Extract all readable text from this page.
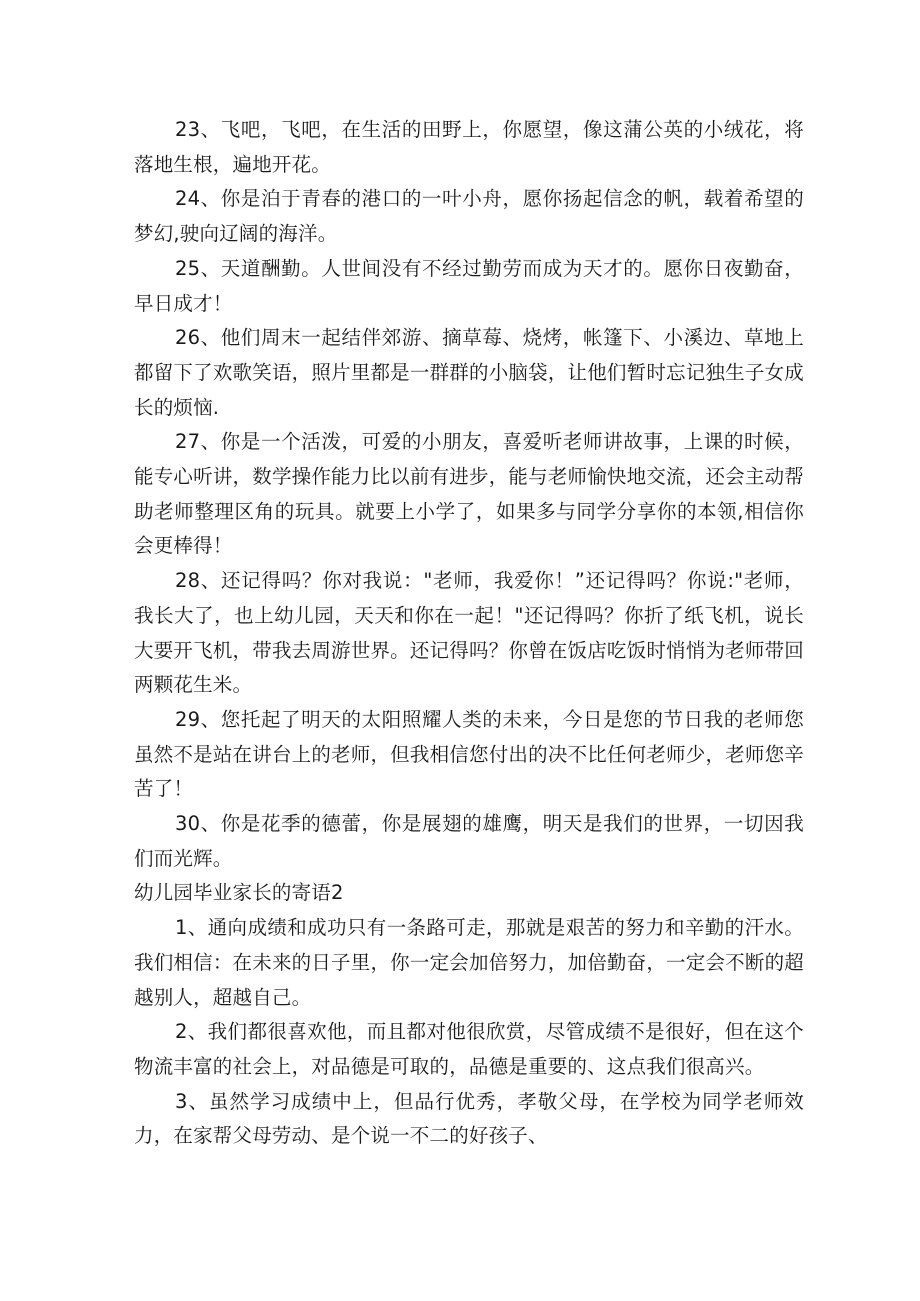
23、飞吧，飞吧，在生活的田野上，你愿望，像这蒲公英的小绒花，将落地生根，遍地开花。

24、你是泊于青春的港口的一叶小舟，愿你扬起信念的帆，载着希望的梦幻,驶向辽阔的海洋。

25、天道酬勤。人世间没有不经过勤劳而成为天才的。愿你日夜勤奋，早日成才！

26、他们周末一起结伴郊游、摘草莓、烧烤，帐篷下、小溪边、草地上都留下了欢歌笑语，照片里都是一群群的小脑袋，让他们暂时忘记独生子女成长的烦恼.

27、你是一个活泼，可爱的小朋友，喜爱听老师讲故事，上课的时候，能专心听讲，数学操作能力比以前有进步，能与老师愉快地交流，还会主动帮助老师整理区角的玩具。就要上小学了，如果多与同学分享你的本领,相信你会更棒得！

28、还记得吗？你对我说："老师，我爱你！”还记得吗？你说:"老师，我长大了，也上幼儿园，天天和你在一起！"还记得吗？你折了纸飞机，说长大要开飞机，带我去周游世界。还记得吗？你曾在饭店吃饭时悄悄为老师带回两颗花生米。

29、您托起了明天的太阳照耀人类的未来，今日是您的节日我的老师您虽然不是站在讲台上的老师，但我相信您付出的决不比任何老师少，老师您辛苦了！

30、你是花季的德蕾，你是展翅的雄鹰，明天是我们的世界，一切因我们而光辉。

幼儿园毕业家长的寄语2

1、通向成绩和成功只有一条路可走，那就是艰苦的努力和辛勤的汗水。我们相信：在未来的日子里，你一定会加倍努力，加倍勤奋，一定会不断的超越别人，超越自己。

2、我们都很喜欢他，而且都对他很欣赏，尽管成绩不是很好，但在这个物流丰富的社会上，对品德是可取的，品德是重要的、这点我们很高兴。

3、虽然学习成绩中上，但品行优秀，孝敬父母，在学校为同学老师效力，在家帮父母劳动、是个说一不二的好孩子、
